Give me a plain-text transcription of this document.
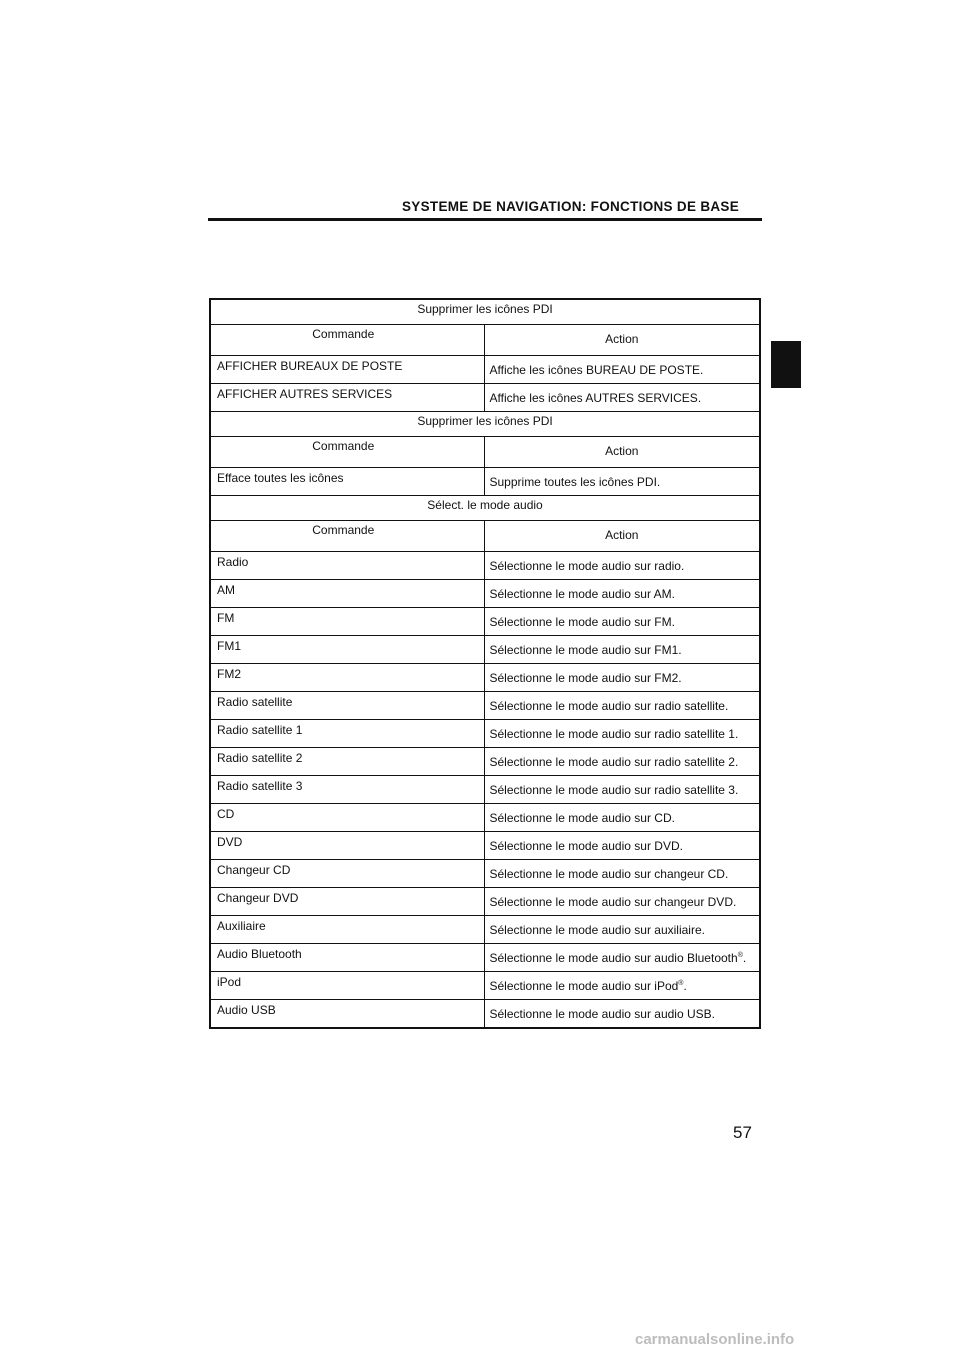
SYSTEME DE NAVIGATION: FONCTIONS DE BASE
Supprimer les icônes PDI	
Commande	Action
AFFICHER BUREAUX DE POSTE	Affiche les icônes BUREAU DE POSTE.
AFFICHER AUTRES SERVICES	Affiche les icônes AUTRES SERVICES.
Supprimer les icônes PDI	
Commande	Action
Efface toutes les icônes	Supprime toutes les icônes PDI.
Sélect. le mode audio	
Commande	Action
Radio	Sélectionne le mode audio sur radio.
AM	Sélectionne le mode audio sur AM.
FM	Sélectionne le mode audio sur FM.
FM1	Sélectionne le mode audio sur FM1.
FM2	Sélectionne le mode audio sur FM2.
Radio satellite	Sélectionne le mode audio sur radio satellite.
Radio satellite 1	Sélectionne le mode audio sur radio satellite 1.
Radio satellite 2	Sélectionne le mode audio sur radio satellite 2.
Radio satellite 3	Sélectionne le mode audio sur radio satellite 3.
CD	Sélectionne le mode audio sur CD.
DVD	Sélectionne le mode audio sur DVD.
Changeur CD	Sélectionne le mode audio sur changeur CD.
Changeur DVD	Sélectionne le mode audio sur changeur DVD.
Auxiliaire	Sélectionne le mode audio sur auxiliaire.
Audio Bluetooth	Sélectionne le mode audio sur audio Bluetooth®.
iPod	Sélectionne le mode audio sur iPod®.
Audio USB	Sélectionne le mode audio sur audio USB.
57
carmanualsonline.info
